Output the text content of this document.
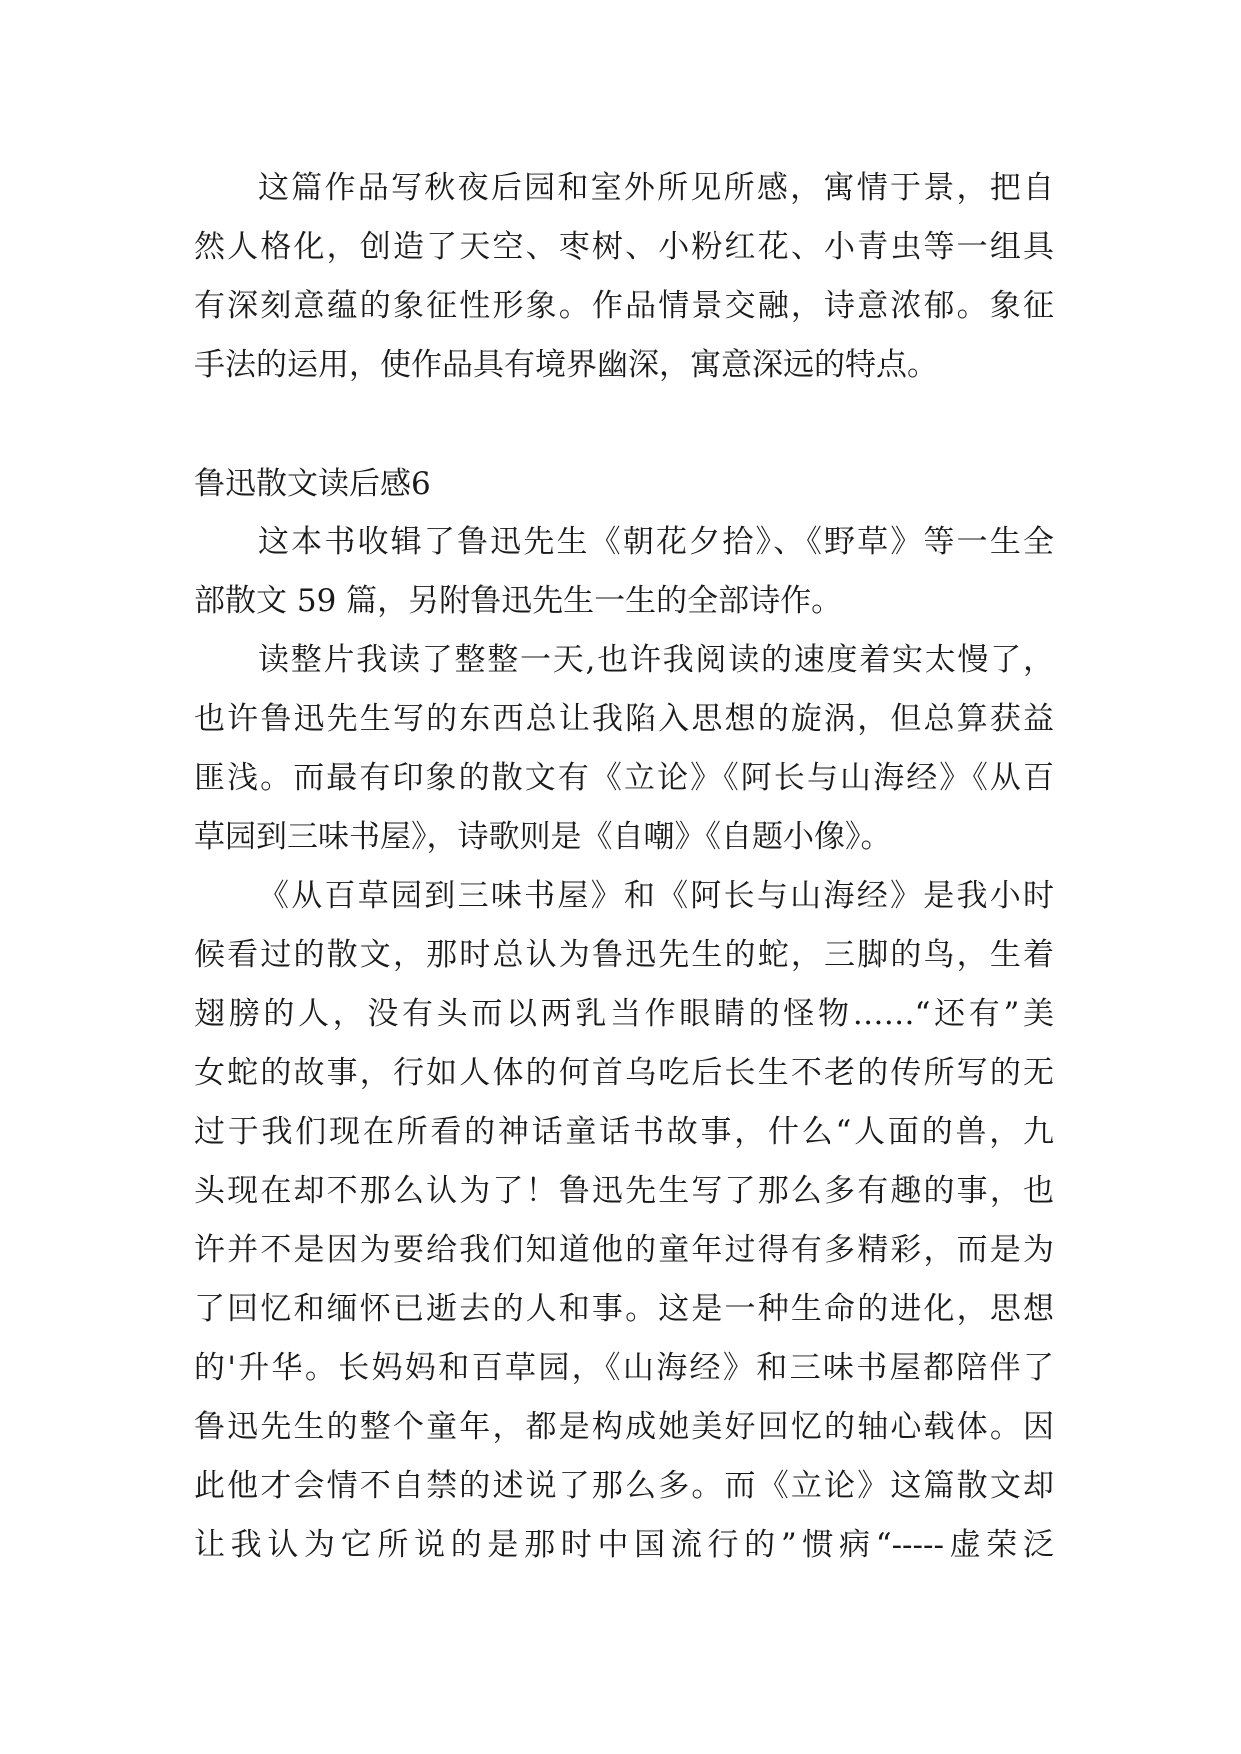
这篇作品写秋夜后园和室外所见所感，寓情于景，把自
然人格化，创造了天空、枣树、小粉红花、小青虫等一组具
有深刻意蕴的象征性形象。作品情景交融，诗意浓郁。象征
手法的运用，使作品具有境界幽深，寓意深远的特点。
鲁迅散文读后感6
这本书收辑了鲁迅先生《朝花夕拾》、《野草》等一生全
部散文 59 篇，另附鲁迅先生一生的全部诗作。
读整片我读了整整一天,也许我阅读的速度着实太慢了，
也许鲁迅先生写的东西总让我陷入思想的旋涡，但总算获益
匪浅。而最有印象的散文有《立论》《阿长与山海经》《从百
草园到三味书屋》，诗歌则是《自嘲》《自题小像》。
《从百草园到三味书屋》和《阿长与山海经》是我小时
候看过的散文，那时总认为鲁迅先生的蛇，三脚的鸟，生着
翅膀的人，没有头而以两乳当作眼睛的怪物……“还有”美
女蛇的故事，行如人体的何首乌吃后长生不老的传所写的无
过于我们现在所看的神话童话书故事，什么“人面的兽，九
头现在却不那么认为了！鲁迅先生写了那么多有趣的事，也
许并不是因为要给我们知道他的童年过得有多精彩，而是为
了回忆和缅怀已逝去的人和事。这是一种生命的进化，思想
的'升华。长妈妈和百草园，《山海经》和三味书屋都陪伴了
鲁迅先生的整个童年，都是构成她美好回忆的轴心载体。因
此他才会情不自禁的述说了那么多。而《立论》这篇散文却
让我认为它所说的是那时中国流行的”惯病“-----虚荣泛
